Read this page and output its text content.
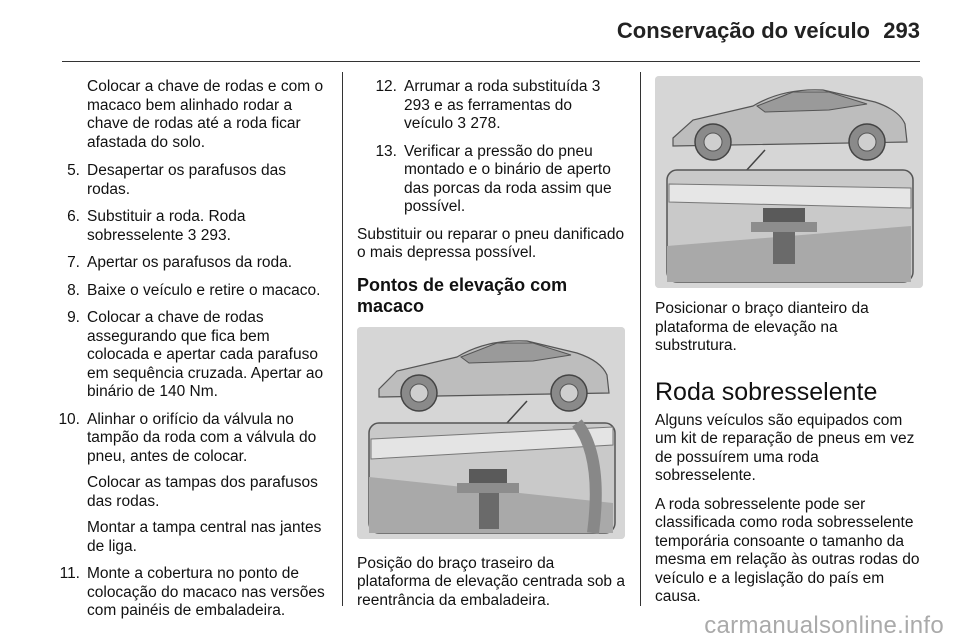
Conservação do veículo 293

Colocar a chave de rodas e com o macaco bem alinhado rodar a chave de rodas até a roda ficar afastada do solo.

5. Desapertar os parafusos das rodas.

6. Substituir a roda. Roda sobresselente 3 293.

7. Apertar os parafusos da roda.

8. Baixe o veículo e retire o macaco.

9. Colocar a chave de rodas assegurando que fica bem colocada e apertar cada parafuso em sequência cruzada. Apertar ao binário de 140 Nm.

10. Alinhar o orifício da válvula no tampão da roda com a válvula do pneu, antes de colocar.

Colocar as tampas dos parafusos das rodas.

Montar a tampa central nas jantes de liga.

11. Monte a cobertura no ponto de colocação do macaco nas versões com painéis de embaladeira.

12. Arrumar a roda substituída 3 293 e as ferramentas do veículo 3 278.

13. Verificar a pressão do pneu montado e o binário de aperto das porcas da roda assim que possível.

Substituir ou reparar o pneu danificado o mais depressa possível.

Pontos de elevação com macaco

Posição do braço traseiro da plataforma de elevação centrada sob a reentrância da embaladeira.

Posicionar o braço dianteiro da plataforma de elevação na substrutura.

Roda sobresselente

Alguns veículos são equipados com um kit de reparação de pneus em vez de possuírem uma roda sobresselente.

A roda sobresselente pode ser classificada como roda sobresselente temporária consoante o tamanho da mesma em relação às outras rodas do veículo e a legislação do país em causa.

carmanualsonline.info
